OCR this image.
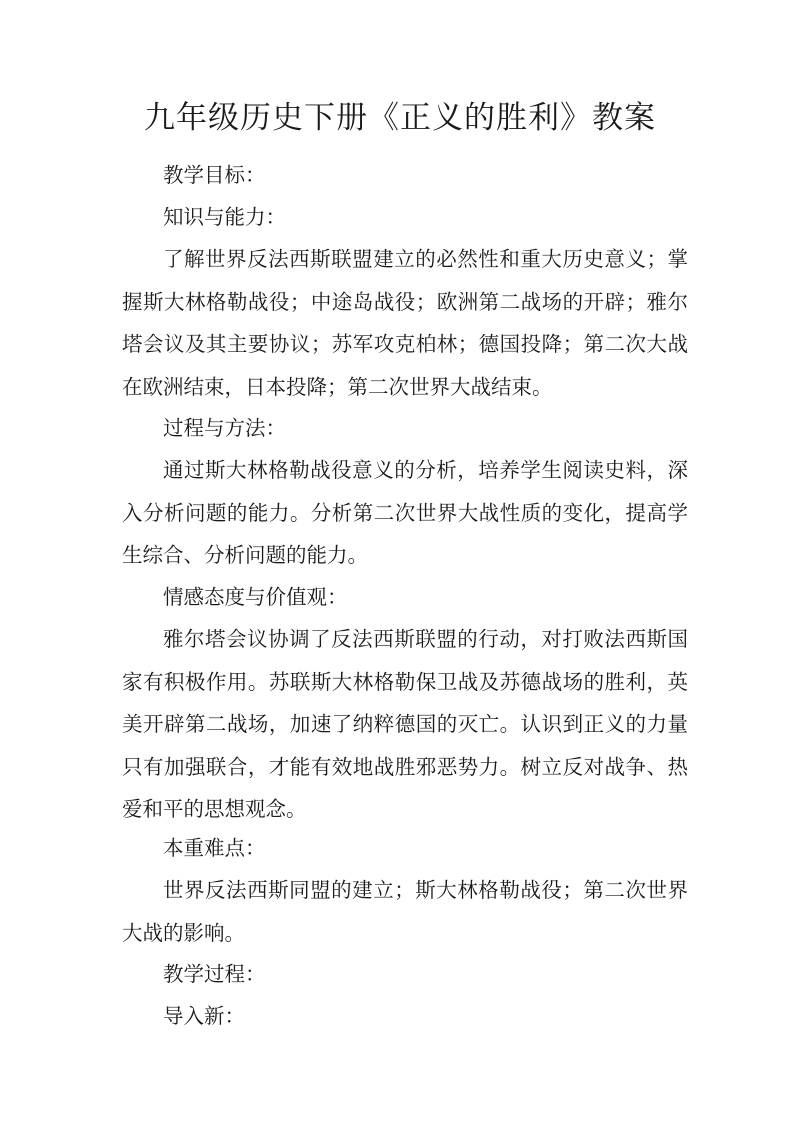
九年级历史下册《正义的胜利》教案

教学目标：

知识与能力：

了解世界反法西斯联盟建立的必然性和重大历史意义；掌握斯大林格勒战役；中途岛战役；欧洲第二战场的开辟；雅尔塔会议及其主要协议；苏军攻克柏林；德国投降；第二次大战在欧洲结束，日本投降；第二次世界大战结束。

过程与方法：

通过斯大林格勒战役意义的分析，培养学生阅读史料，深入分析问题的能力。分析第二次世界大战性质的变化，提高学生综合、分析问题的能力。

情感态度与价值观：

雅尔塔会议协调了反法西斯联盟的行动，对打败法西斯国家有积极作用。苏联斯大林格勒保卫战及苏德战场的胜利，英美开辟第二战场，加速了纳粹德国的灭亡。认识到正义的力量只有加强联合，才能有效地战胜邪恶势力。树立反对战争、热爱和平的思想观念。

本重难点：

世界反法西斯同盟的建立；斯大林格勒战役；第二次世界大战的影响。

教学过程：

导入新：
